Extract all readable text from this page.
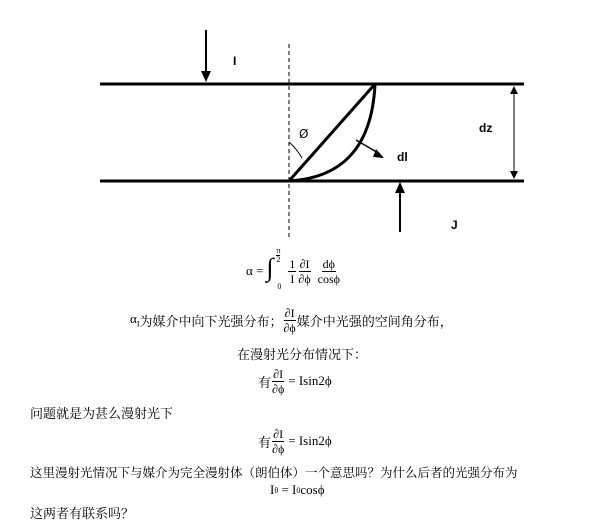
I
Ø	dz
dl
J
α = ∫
π
2
0
$\frac{1}{I} \frac{\partial I}{\partial\phi} \frac{d\phi}{\cos\phi}$
$\alpha_I$ 为媒介中向下光强分布； $\frac{\partial I}{\partial\phi}$ 媒介中光强的空间角分布，
在漫射光分布情况下：
有 $\frac{\partial I}{\partial\phi} = Isin2\phi$
问题就是为甚么漫射光下
有 $\frac{\partial I}{\partial\phi} = Isin2\phi$
这里漫射光情况下与媒介为完全漫射体（朗伯体）一个意思吗？为什么后者的光强分布为
I θ = I 0 cosϕ
这两者有联系吗？
